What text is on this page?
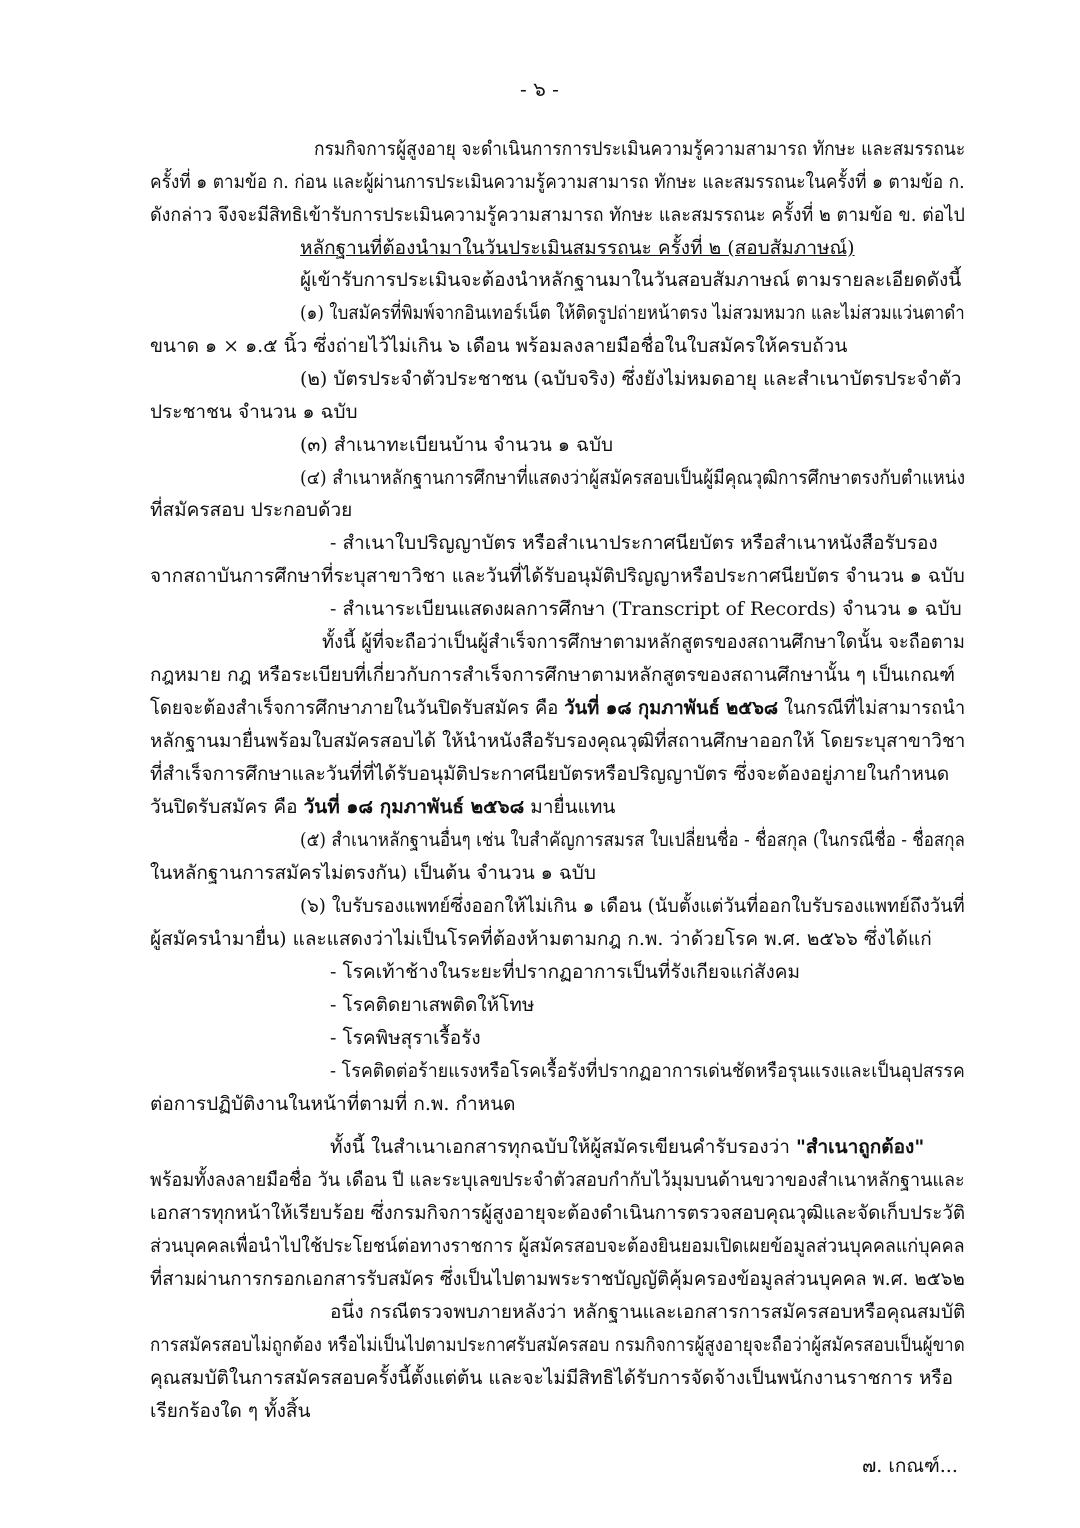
- ๖ -
กรมกิจการผู้สูงอายุ จะดำเนินการการประเมินความรู้ความสามารถ ทักษะ และสมรรถนะ
ครั้งที่ ๑ ตามข้อ ก. ก่อน และผู้ผ่านการประเมินความรู้ความสามารถ ทักษะ และสมรรถนะในครั้งที่ ๑ ตามข้อ ก.
ดังกล่าว จึงจะมีสิทธิเข้ารับการประเมินความรู้ความสามารถ ทักษะ และสมรรถนะ ครั้งที่ ๒ ตามข้อ ข. ต่อไป
หลักฐานที่ต้องนำมาในวันประเมินสมรรถนะ ครั้งที่ ๒ (สอบสัมภาษณ์)
ผู้เข้ารับการประเมินจะต้องนำหลักฐานมาในวันสอบสัมภาษณ์ ตามรายละเอียดดังนี้
(๑) ใบสมัครที่พิมพ์จากอินเทอร์เน็ต ให้ติดรูปถ่ายหน้าตรง ไม่สวมหมวก และไม่สวมแว่นตาดำ
ขนาด ๑ × ๑.๕ นิ้ว ซึ่งถ่ายไว้ไม่เกิน ๖ เดือน พร้อมลงลายมือชื่อในใบสมัครให้ครบถ้วน
(๒) บัตรประจำตัวประชาชน (ฉบับจริง) ซึ่งยังไม่หมดอายุ และสำเนาบัตรประจำตัว
ประชาชน จำนวน ๑ ฉบับ
(๓) สำเนาทะเบียนบ้าน จำนวน ๑ ฉบับ
(๔) สำเนาหลักฐานการศึกษาที่แสดงว่าผู้สมัครสอบเป็นผู้มีคุณวุฒิการศึกษาตรงกับตำแหน่ง
ที่สมัครสอบ ประกอบด้วย
- สำเนาใบปริญญาบัตร หรือสำเนาประกาศนียบัตร หรือสำเนาหนังสือรับรอง
จากสถาบันการศึกษาที่ระบุสาขาวิชา และวันที่ได้รับอนุมัติปริญญาหรือประกาศนียบัตร จำนวน ๑ ฉบับ
- สำเนาระเบียนแสดงผลการศึกษา (Transcript of Records) จำนวน ๑ ฉบับ
ทั้งนี้ ผู้ที่จะถือว่าเป็นผู้สำเร็จการศึกษาตามหลักสูตรของสถานศึกษาใดนั้น จะถือตาม
กฎหมาย กฎ หรือระเบียบที่เกี่ยวกับการสำเร็จการศึกษาตามหลักสูตรของสถานศึกษานั้น ๆ เป็นเกณฑ์
โดยจะต้องสำเร็จการศึกษาภายในวันปิดรับสมัคร คือ วันที่ ๑๘ กุมภาพันธ์ ๒๕๖๘ ในกรณีที่ไม่สามารถนำ
หลักฐานมายื่นพร้อมใบสมัครสอบได้ ให้นำหนังสือรับรองคุณวุฒิที่สถานศึกษาออกให้ โดยระบุสาขาวิชา
ที่สำเร็จการศึกษาและวันที่ที่ได้รับอนุมัติประกาศนียบัตรหรือปริญญาบัตร ซึ่งจะต้องอยู่ภายในกำหนด
วันปิดรับสมัคร คือ วันที่ ๑๘ กุมภาพันธ์ ๒๕๖๘ มายื่นแทน
(๕) สำเนาหลักฐานอื่นๆ เช่น ใบสำคัญการสมรส ใบเปลี่ยนชื่อ - ชื่อสกุล (ในกรณีชื่อ - ชื่อสกุล
ในหลักฐานการสมัครไม่ตรงกัน) เป็นต้น จำนวน ๑ ฉบับ
(๖) ใบรับรองแพทย์ซึ่งออกให้ไม่เกิน ๑ เดือน (นับตั้งแต่วันที่ออกใบรับรองแพทย์ถึงวันที่
ผู้สมัครนำมายื่น) และแสดงว่าไม่เป็นโรคที่ต้องห้ามตามกฎ ก.พ. ว่าด้วยโรค พ.ศ. ๒๕๖๖ ซึ่งได้แก่
- โรคเท้าช้างในระยะที่ปรากฏอาการเป็นที่รังเกียจแก่สังคม
- โรคติดยาเสพติดให้โทษ
- โรคพิษสุราเรื้อรัง
- โรคติดต่อร้ายแรงหรือโรคเรื้อรังที่ปรากฏอาการเด่นชัดหรือรุนแรงและเป็นอุปสรรค
ต่อการปฏิบัติงานในหน้าที่ตามที่ ก.พ. กำหนด
ทั้งนี้ ในสำเนาเอกสารทุกฉบับให้ผู้สมัครเขียนคำรับรองว่า "สำเนาถูกต้อง"
พร้อมทั้งลงลายมือชื่อ วัน เดือน ปี และระบุเลขประจำตัวสอบกำกับไว้มุมบนด้านขวาของสำเนาหลักฐานและ
เอกสารทุกหน้าให้เรียบร้อย ซึ่งกรมกิจการผู้สูงอายุจะต้องดำเนินการตรวจสอบคุณวุฒิและจัดเก็บประวัติ
ส่วนบุคคลเพื่อนำไปใช้ประโยชน์ต่อทางราชการ ผู้สมัครสอบจะต้องยินยอมเปิดเผยข้อมูลส่วนบุคคลแก่บุคคล
ที่สามผ่านการกรอกเอกสารรับสมัคร ซึ่งเป็นไปตามพระราชบัญญัติคุ้มครองข้อมูลส่วนบุคคล พ.ศ. ๒๕๖๒
อนึ่ง กรณีตรวจพบภายหลังว่า หลักฐานและเอกสารการสมัครสอบหรือคุณสมบัติ
การสมัครสอบไม่ถูกต้อง หรือไม่เป็นไปตามประกาศรับสมัครสอบ กรมกิจการผู้สูงอายุจะถือว่าผู้สมัครสอบเป็นผู้ขาด
คุณสมบัติในการสมัครสอบครั้งนี้ตั้งแต่ต้น และจะไม่มีสิทธิได้รับการจัดจ้างเป็นพนักงานราชการ หรือ
เรียกร้องใด ๆ ทั้งสิ้น
๗. เกณฑ์...
